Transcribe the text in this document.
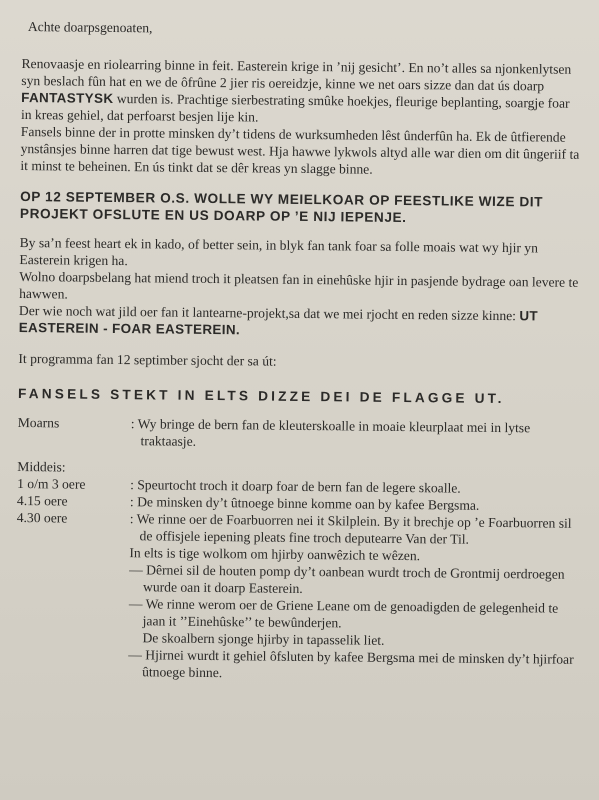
Achte doarpsgenoaten,

Renovaasje en riolearring binne in feit. Easterein krige in ’nij gesicht’. En no’t alles sa njonkenlytsen syn beslach fûn hat en we de ôfrûne 2 jier ris oereidzje, kinne we net oars sizze dan dat ús doarp FANTASTYSK wurden is. Prachtige sierbestrating smûke hoekjes, fleurige beplanting, soargje foar in kreas gehiel, dat perfoarst besjen lije kin.

Fansels binne der in protte minsken dy’t tidens de wurksumheden lêst ûnderfûn ha. Ek de ûtfierende ynstânsjes binne harren dat tige bewust west. Hja hawwe lykwols altyd alle war dien om dit ûngeriif ta it minst te beheinen. En ús tinkt dat se dêr kreas yn slagge binne.

OP 12 SEPTEMBER O.S. WOLLE WY MEIELKOAR OP FEESTLIKE WIZE DIT PROJEKT OFSLUTE EN US DOARP OP ’E NIJ IEPENJE.

By sa’n feest heart ek in kado, of better sein, in blyk fan tank foar sa folle moais wat wy hjir yn Easterein krigen ha.

Wolno doarpsbelang hat miend troch it pleatsen fan in einehûske hjir in pasjende bydrage oan levere te hawwen.

Der wie noch wat jild oer fan it lantearne-projekt,sa dat we mei rjocht en reden sizze kinne: UT EASTEREIN - FOAR EASTEREIN.

It programma fan 12 septimber sjocht der sa út:

FANSELS STEKT IN ELTS DIZZE DEI DE FLAGGE UT.

Moarns	: Wy bringe de bern fan de kleuterskoalle in moaie kleurplaat mei in lytse traktaasje.
Middeis:
1 o/m 3 oere	: Speurtocht troch it doarp foar de bern fan de legere skoalle.
4.15 oere	: De minsken dy’t ûtnoege binne komme oan by kafee Bergsma.
4.30 oere	: We rinne oer de Foarbuorren nei it Skilplein. By it brechje op ’e Foarbuorren sil de offisjele iepening pleats fine troch deputearre Van der Til.

In elts is tige wolkom om hjirby oanwêzich te wêzen.

— Dêrnei sil de houten pomp dy’t oanbean wurdt troch de Grontmij oerdroegen wurde oan it doarp Easterein.

— We rinne werom oer de Griene Leane om de genoadigden de gelegenheid te jaan it ’’Einehûske’’ te bewûnderjen.

De skoalbern sjonge hjirby in tapasselik liet.

— Hjirnei wurdt it gehiel ôfsluten by kafee Bergsma mei de minsken dy’t hjirfoar ûtnoege binne.
